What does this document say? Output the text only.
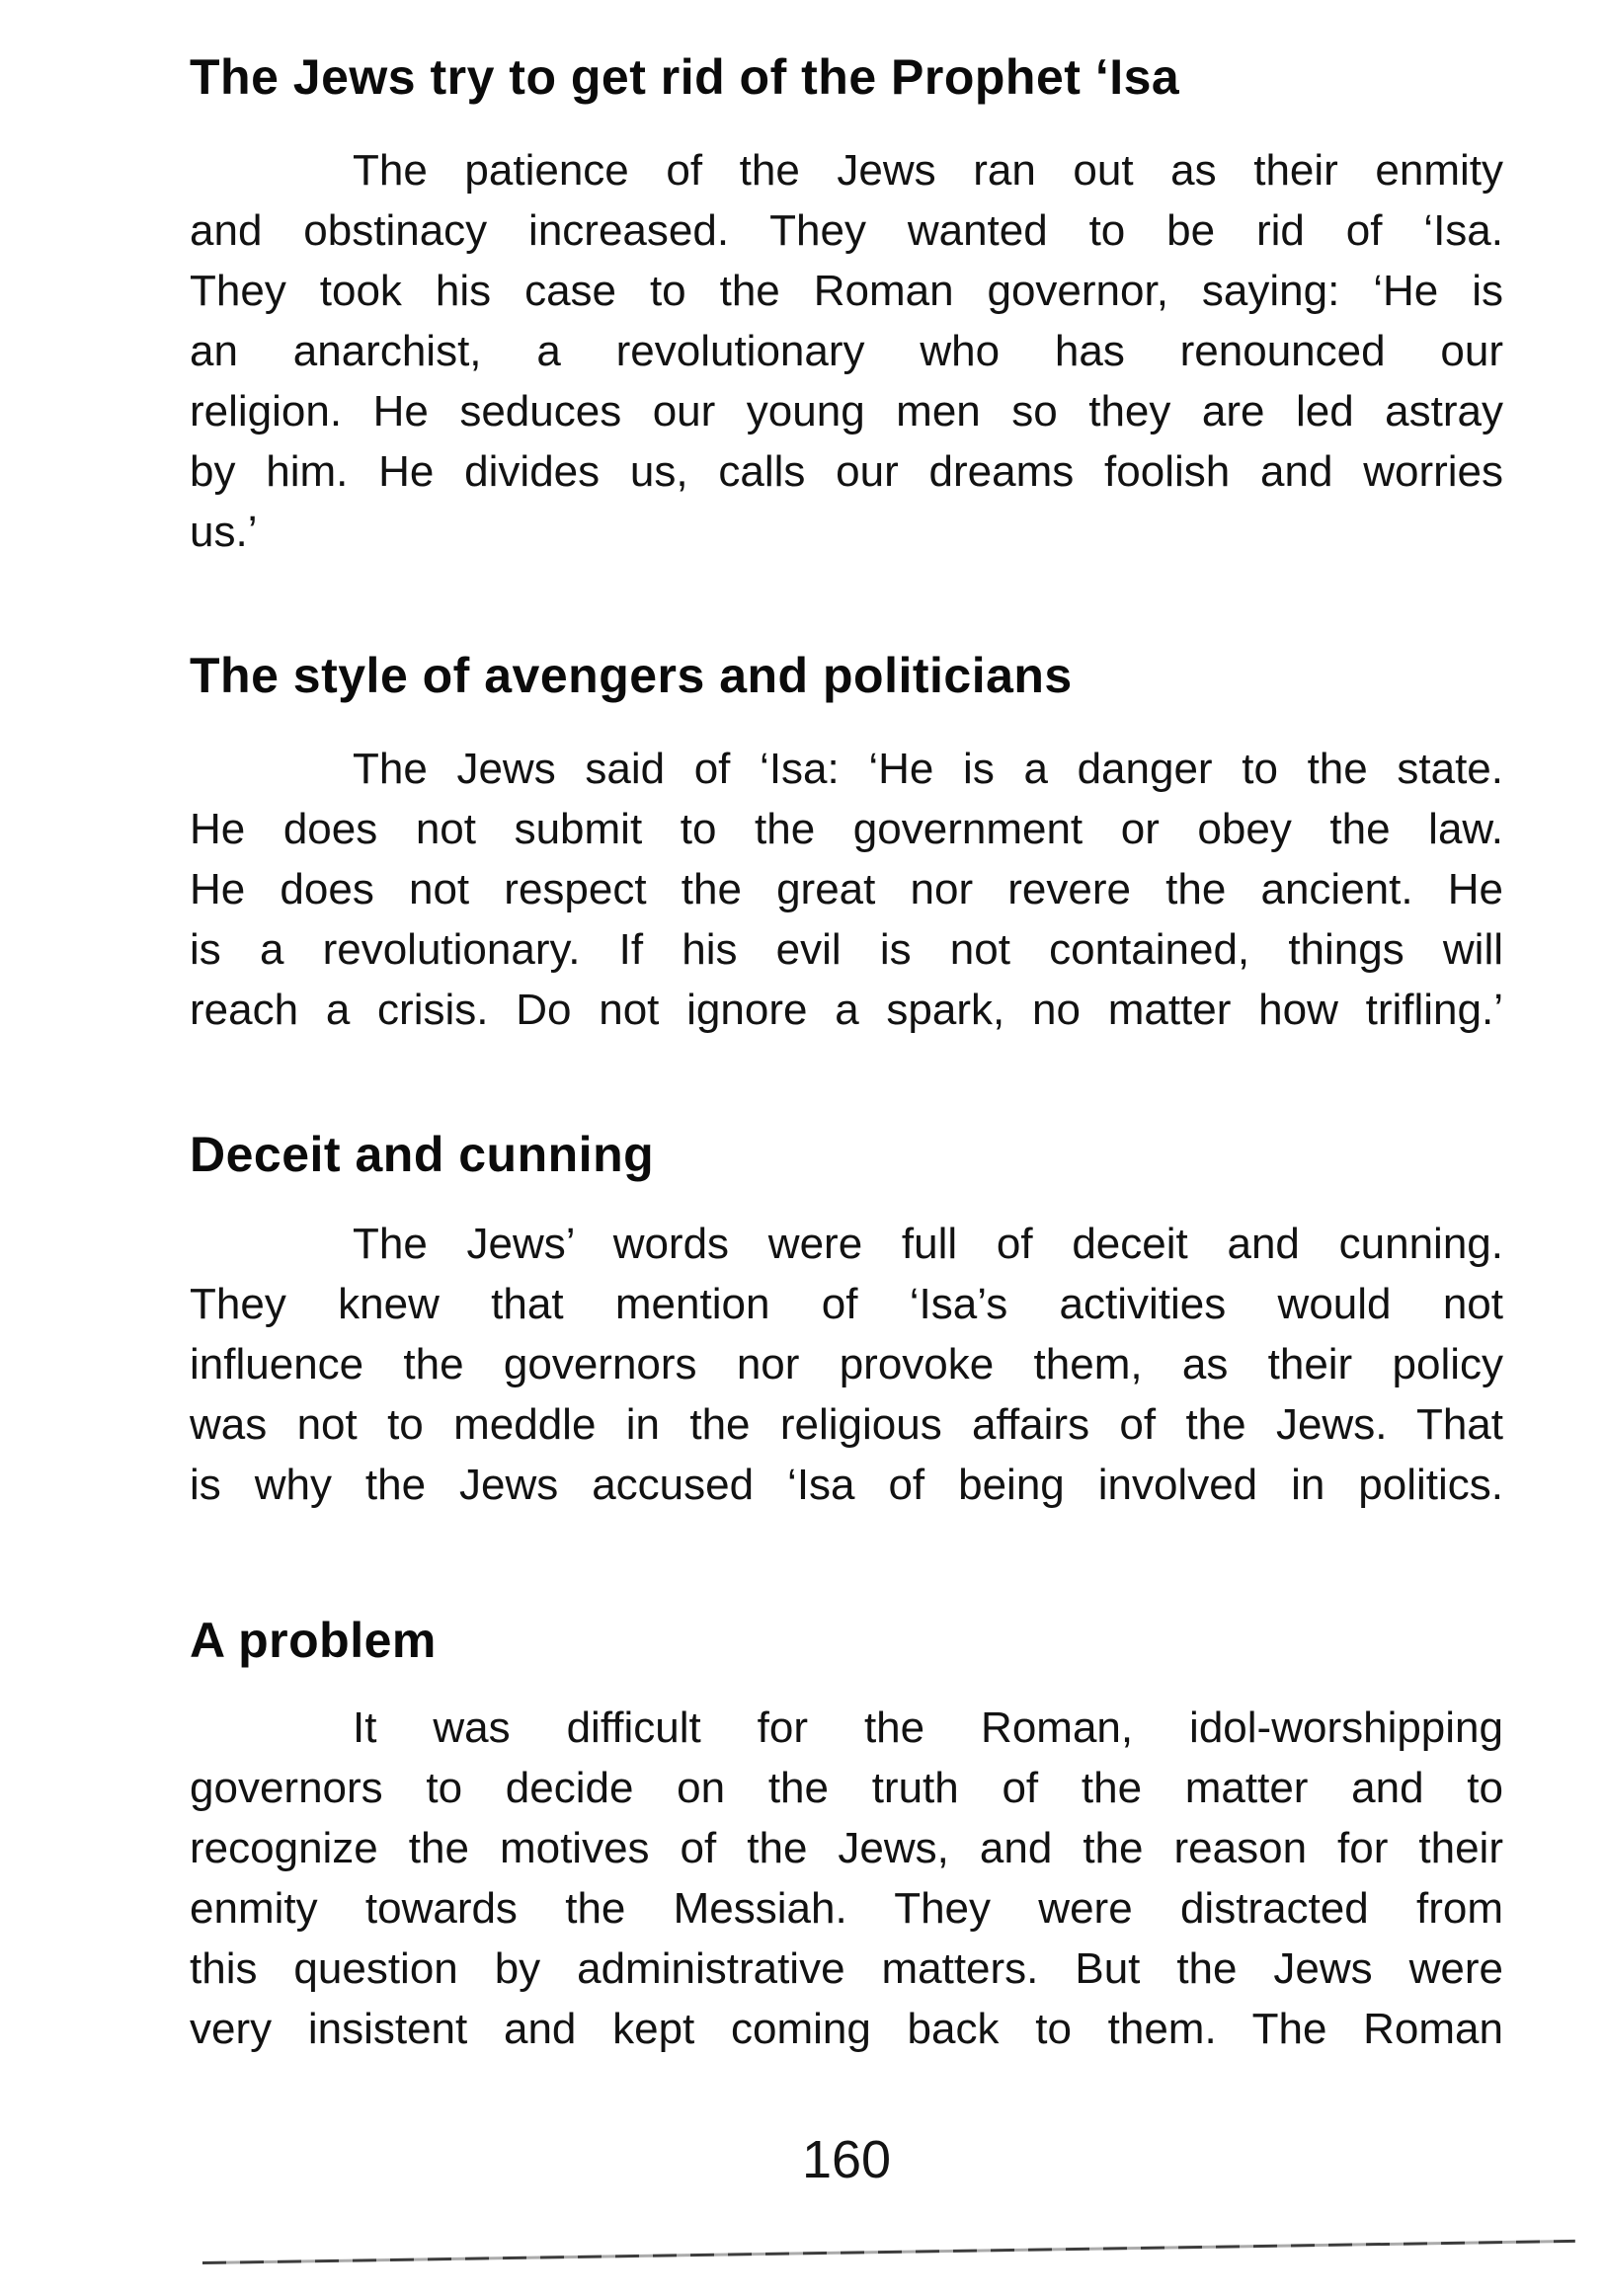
The Jews try to get rid of the Prophet ‘Isa
The patience of the Jews ran out as their enmity
and obstinacy increased. They wanted to be rid of ‘Isa.
They took his case to the Roman governor, saying: ‘He is
an anarchist, a revolutionary who has renounced our
religion. He seduces our young men so they are led astray
by him. He divides us, calls our dreams foolish and worries
us.’
The style of avengers and politicians
The Jews said of ‘Isa: ‘He is a danger to the state.
He does not submit to the government or obey the law.
He does not respect the great nor revere the ancient. He
is a revolutionary. If his evil is not contained, things will
reach a crisis. Do not ignore a spark, no matter how trifling.’
Deceit and cunning
The Jews’ words were full of deceit and cunning.
They knew that mention of ‘Isa’s activities would not
influence the governors nor provoke them, as their policy
was not to meddle in the religious affairs of the Jews. That
is why the Jews accused ‘Isa of being involved in politics.
A problem
It was difficult for the Roman, idol-worshipping
governors to decide on the truth of the matter and to
recognize the motives of the Jews, and the reason for their
enmity towards the Messiah. They were distracted from
this question by administrative matters. But the Jews were
very insistent and kept coming back to them. The Roman
160
